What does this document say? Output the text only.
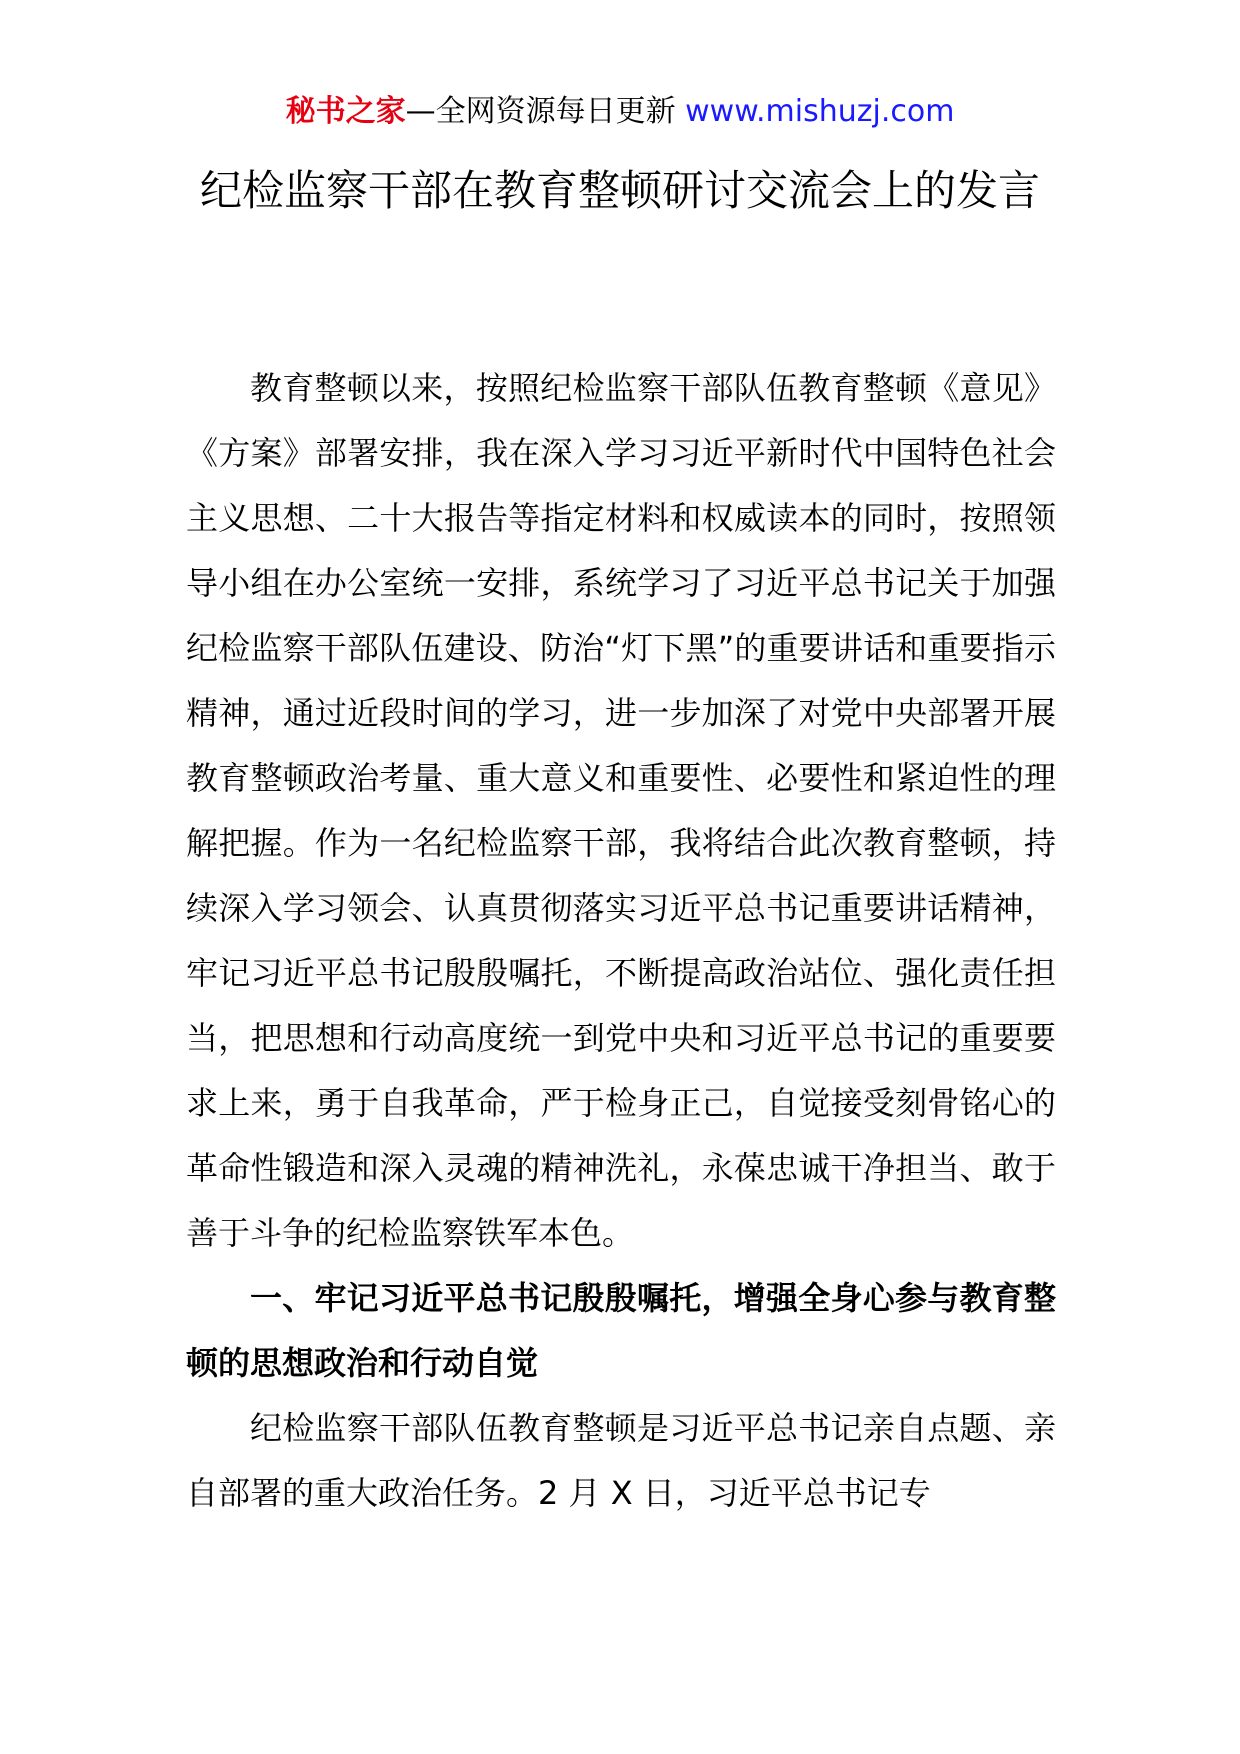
秘书之家—全网资源每日更新 www.mishuzj.com
纪检监察干部在教育整顿研讨交流会上的发言

教育整顿以来，按照纪检监察干部队伍教育整顿《意见》《方案》部署安排，我在深入学习习近平新时代中国特色社会主义思想、二十大报告等指定材料和权威读本的同时，按照领导小组在办公室统一安排，系统学习了习近平总书记关于加强纪检监察干部队伍建设、防治“灯下黑”的重要讲话和重要指示精神，通过近段时间的学习，进一步加深了对党中央部署开展教育整顿政治考量、重大意义和重要性、必要性和紧迫性的理解把握。作为一名纪检监察干部，我将结合此次教育整顿，持续深入学习领会、认真贯彻落实习近平总书记重要讲话精神，牢记习近平总书记殷殷嘱托，不断提高政治站位、强化责任担当，把思想和行动高度统一到党中央和习近平总书记的重要要求上来，勇于自我革命，严于检身正己，自觉接受刻骨铭心的革命性锻造和深入灵魂的精神洗礼，永葆忠诚干净担当、敢于善于斗争的纪检监察铁军本色。

一、牢记习近平总书记殷殷嘱托，增强全身心参与教育整顿的思想政治和行动自觉

纪检监察干部队伍教育整顿是习近平总书记亲自点题、亲自部署的重大政治任务。2 月 X 日，习近平总书记专
